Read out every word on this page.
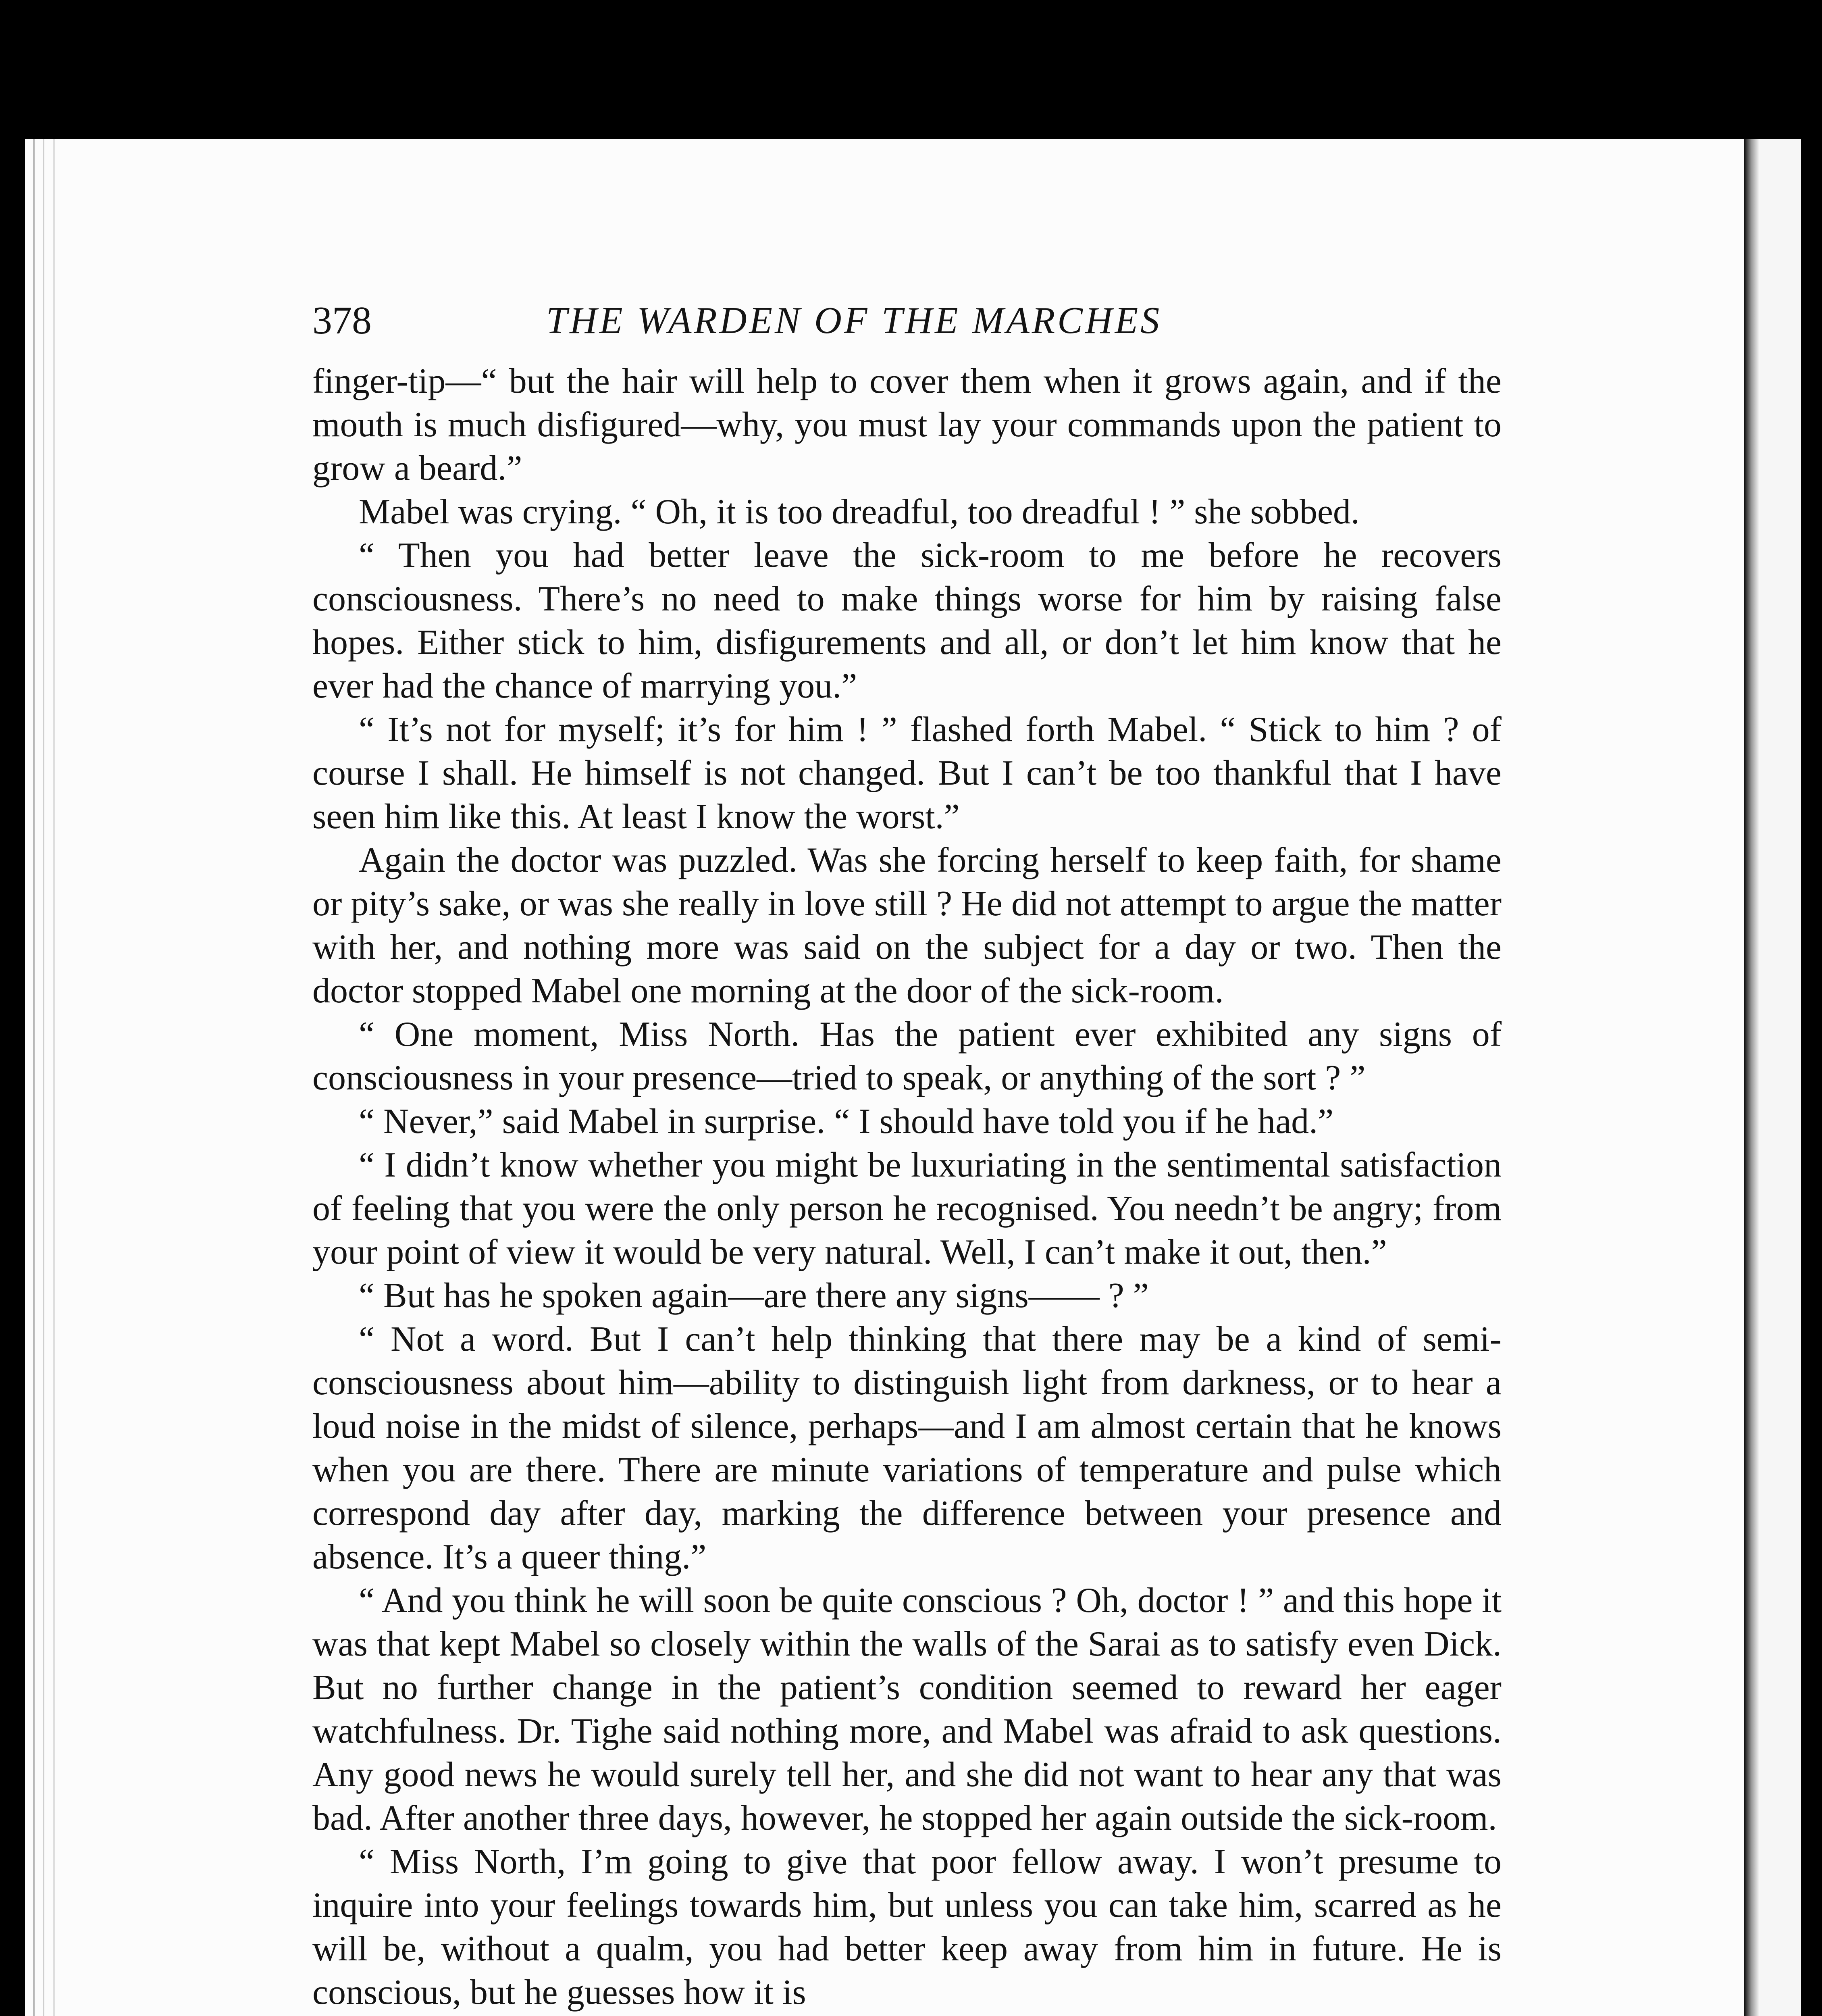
378	THE WARDEN OF THE MARCHES

finger-tip—“ but the hair will help to cover them when it grows again, and if the mouth is much disfigured—why, you must lay your commands upon the patient to grow a beard.”

Mabel was crying. “ Oh, it is too dreadful, too dreadful ! ” she sobbed.

“ Then you had better leave the sick-room to me before he recovers consciousness. There’s no need to make things worse for him by raising false hopes. Either stick to him, disfigurements and all, or don’t let him know that he ever had the chance of marrying you.”

“ It’s not for myself; it’s for him ! ” flashed forth Mabel. “ Stick to him ? of course I shall. He himself is not changed. But I can’t be too thankful that I have seen him like this. At least I know the worst.”

Again the doctor was puzzled. Was she forcing herself to keep faith, for shame or pity’s sake, or was she really in love still ? He did not attempt to argue the matter with her, and nothing more was said on the subject for a day or two. Then the doctor stopped Mabel one morning at the door of the sick-room.

“ One moment, Miss North. Has the patient ever exhibited any signs of consciousness in your presence—tried to speak, or anything of the sort ? ”

“ Never,” said Mabel in surprise. “ I should have told you if he had.”

“ I didn’t know whether you might be luxuriating in the sentimental satisfaction of feeling that you were the only person he recognised. You needn’t be angry; from your point of view it would be very natural. Well, I can’t make it out, then.”

“ But has he spoken again—are there any signs—— ? ”

“ Not a word. But I can’t help thinking that there may be a kind of semi-consciousness about him—ability to distinguish light from darkness, or to hear a loud noise in the midst of silence, perhaps—and I am almost certain that he knows when you are there. There are minute variations of temperature and pulse which correspond day after day, marking the difference between your presence and absence. It’s a queer thing.”

“ And you think he will soon be quite conscious ? Oh, doctor ! ” and this hope it was that kept Mabel so closely within the walls of the Sarai as to satisfy even Dick. But no further change in the patient’s condition seemed to reward her eager watchfulness. Dr. Tighe said nothing more, and Mabel was afraid to ask questions. Any good news he would surely tell her, and she did not want to hear any that was bad. After another three days, however, he stopped her again outside the sick-room.

“ Miss North, I’m going to give that poor fellow away. I won’t presume to inquire into your feelings towards him, but unless you can take him, scarred as he will be, without a qualm, you had better keep away from him in future. He is conscious, but he guesses how it is
